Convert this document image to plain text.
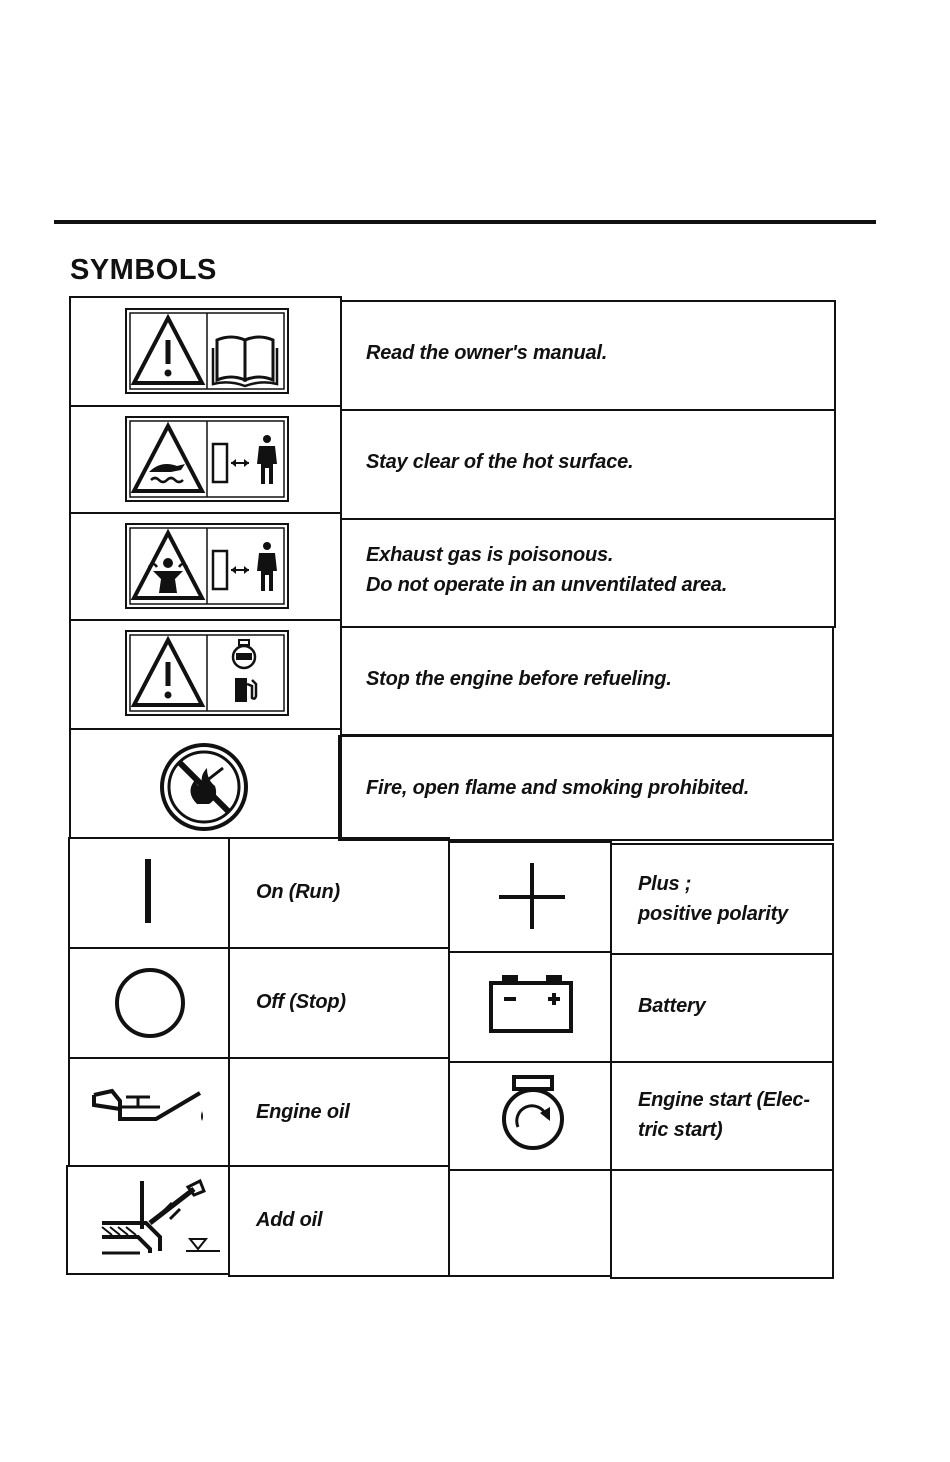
SYMBOLS
Read the owner's manual.
Stay clear of the hot surface.
Exhaust gas is poisonous.
Do not operate in an unventilated area.
Stop the engine before refueling.
Fire, open flame and smoking prohibited.
On (Run)	Plus ;
positive polarity
Off (Stop)	Battery
Engine oil
Engine start (Elec-
tric start)
Add oil
